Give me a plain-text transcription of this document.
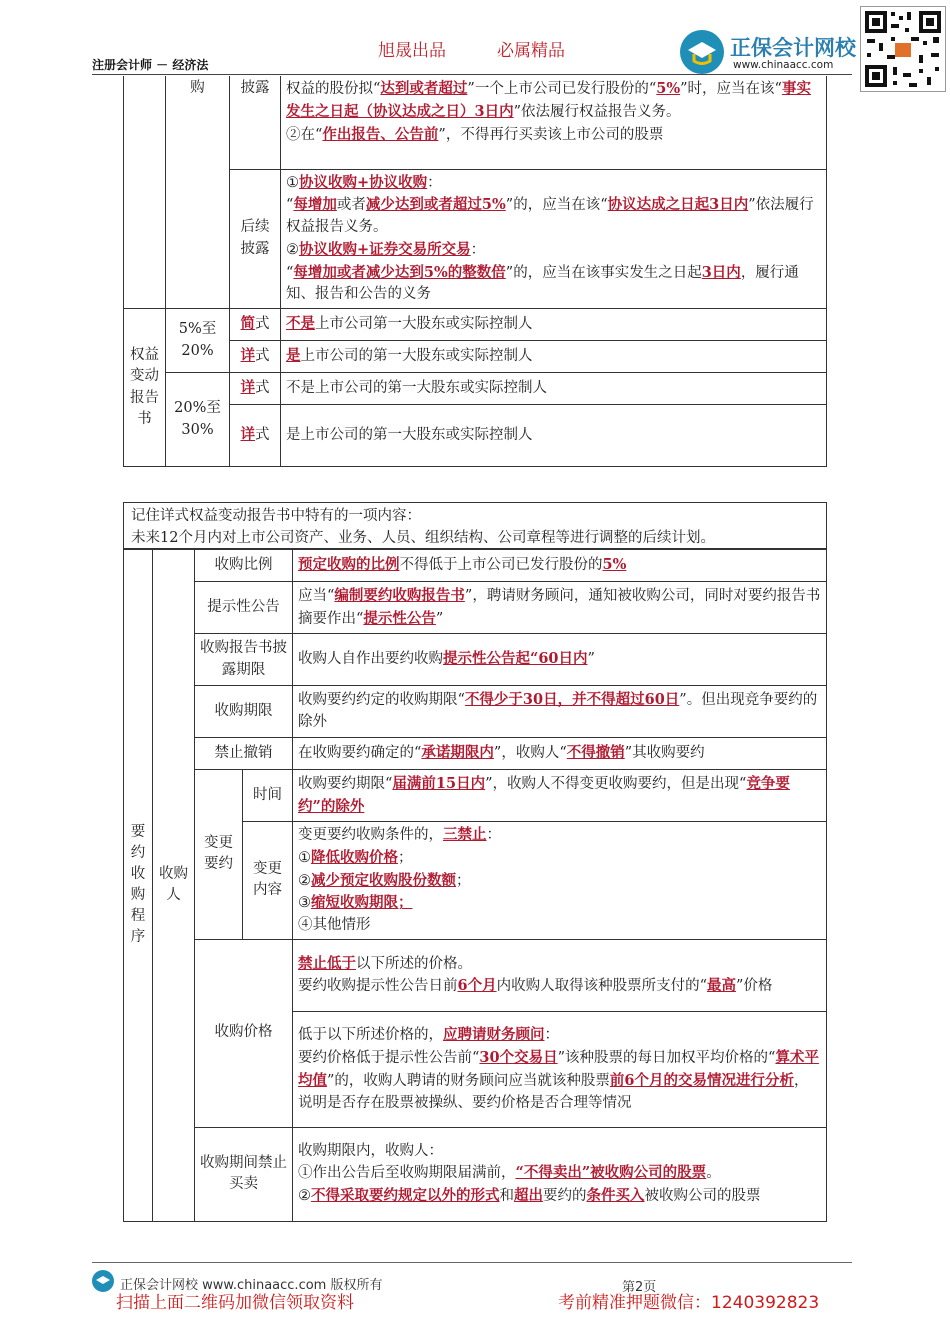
旭晟出品	必属精品
注册会计师 － 经济法
正保会计网校
www.chinaacc.com
	购	披露	权益的股份拟“达到或者超过”一个上市公司已发行股份的“5%”时，应当在该“事实发生之日起（协议达成之日）3日内”依法履行权益报告义务。
②在“作出报告、公告前”，不得再行买卖该上市公司的股票

		后续披露	①协议收购+协议收购：
“每增加或者减少达到或者超过5%”的，应当在该“协议达成之日起3日内”依法履行权益报告义务。
②协议收购+证券交易所交易：
“每增加或者减少达到5%的整数倍”的，应当在该事实发生之日起3日内，履行通知、报告和公告的义务

权益变动报告书	5%至20%	简式	不是上市公司第一大股东或实际控制人
		详式	是上市公司的第一大股东或实际控制人
	20%至30%	详式	不是上市公司的第一大股东或实际控制人
		详式	是上市公司的第一大股东或实际控制人
记住详式权益变动报告书中特有的一项内容：
未来12个月内对上市公司资产、业务、人员、组织结构、公司章程等进行调整的后续计划。
要约收购程序	收购人	收购比例		预定收购的比例不得低于上市公司已发行股份的5%
		提示性公告		应当“编制要约收购报告书”，聘请财务顾问，通知被收购公司，同时对要约报告书摘要作出“提示性公告”
		收购报告书披露期限		收购人自作出要约收购提示性公告起“60日内”
		收购期限		收购要约约定的收购期限“不得少于30日，并不得超过60日”。但出现竞争要约的除外
		禁止撤销		在收购要约确定的“承诺期限内”，收购人“不得撤销”其收购要约
		变更要约	时间	收购要约期限“届满前15日内”，收购人不得变更收购要约，但是出现“竞争要约”的除外
			变更内容	变更要约收购条件的，三禁止：
①降低收购价格；
②减少预定收购股份数额；
③缩短收购期限；
④其他情形

		收购价格		禁止低于以下所述的价格。
要约收购提示性公告日前6个月内收购人取得该种股票所支付的“最高”价格

				低于以下所述价格的，应聘请财务顾问：
要约价格低于提示性公告前“30个交易日”该种股票的每日加权平均价格的“算术平均值”的，收购人聘请的财务顾问应当就该种股票前6个月的交易情况进行分析，说明是否存在股票被操纵、要约价格是否合理等情况

		收购期间禁止买卖		收购期限内，收购人：
①作出公告后至收购期限届满前，“不得卖出”被收购公司的股票。
②不得采取要约规定以外的形式和超出要约的条件买入被收购公司的股票
正保会计网校 www.chinaacc.com 版权所有	第2页
扫描上面二维码加微信领取资料	考前精准押题微信：1240392823
